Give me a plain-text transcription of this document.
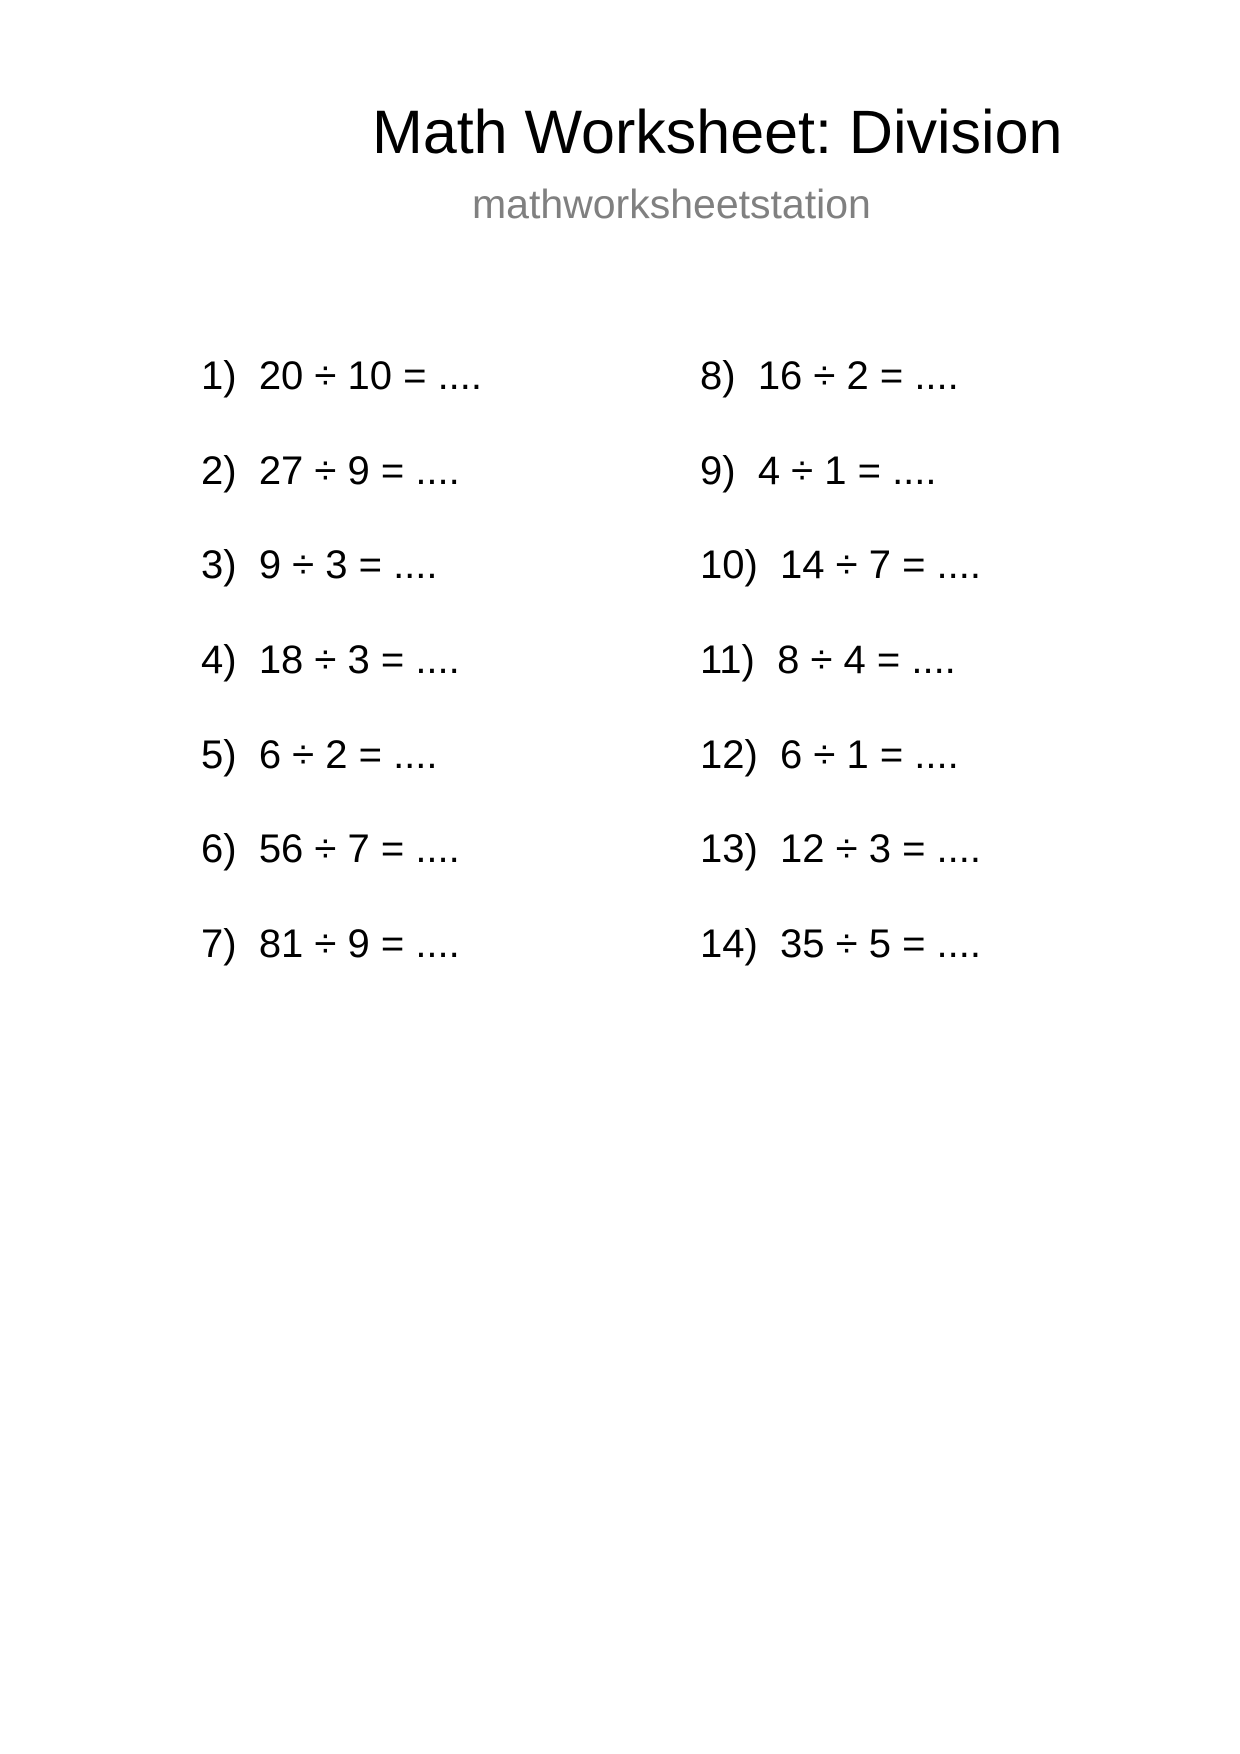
Math Worksheet: Division
mathworksheetstation
1) 20 ÷ 10 = ....
2) 27 ÷ 9 = ....
3) 9 ÷ 3 = ....
4) 18 ÷ 3 = ....
5) 6 ÷ 2 = ....
6) 56 ÷ 7 = ....
7) 81 ÷ 9 = ....
8) 16 ÷ 2 = ....
9) 4 ÷ 1 = ....
10) 14 ÷ 7 = ....
11) 8 ÷ 4 = ....
12) 6 ÷ 1 = ....
13) 12 ÷ 3 = ....
14) 35 ÷ 5 = ....
